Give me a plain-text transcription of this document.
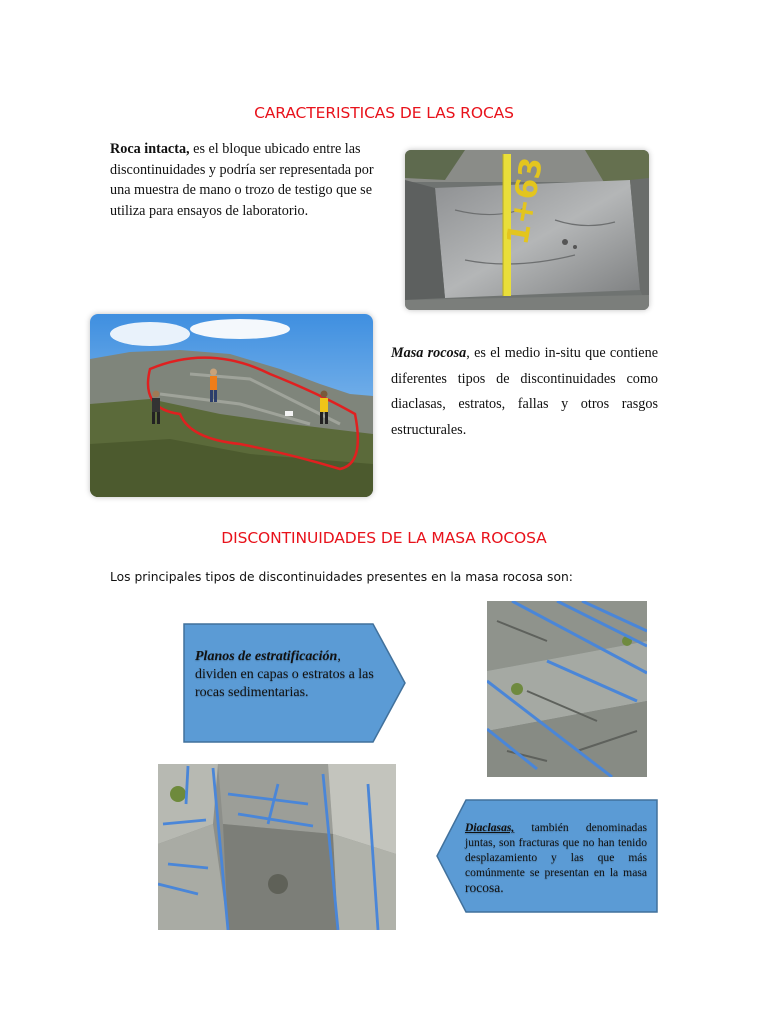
CARACTERISTICAS DE LAS ROCAS
Roca intacta, es el bloque ubicado entre las discontinuidades y podría ser representada por una muestra de mano o trozo de testigo que se utiliza para ensayos de laboratorio.	1+63
Masa rocosa, es el medio in-situ que contiene diferentes tipos de discontinuidades como diaclasas, estratos, fallas y otros rasgos estructurales.
DISCONTINUIDADES DE LA MASA ROCOSA
Los principales tipos de discontinuidades presentes en la masa rocosa son:
Planos de estratificación, dividen en capas o estratos a las rocas sedimentarias.
Diaclasas, también denominadas juntas, son fracturas que no han tenido desplazamiento y las que más comúnmente se presentan en la masa rocosa.
